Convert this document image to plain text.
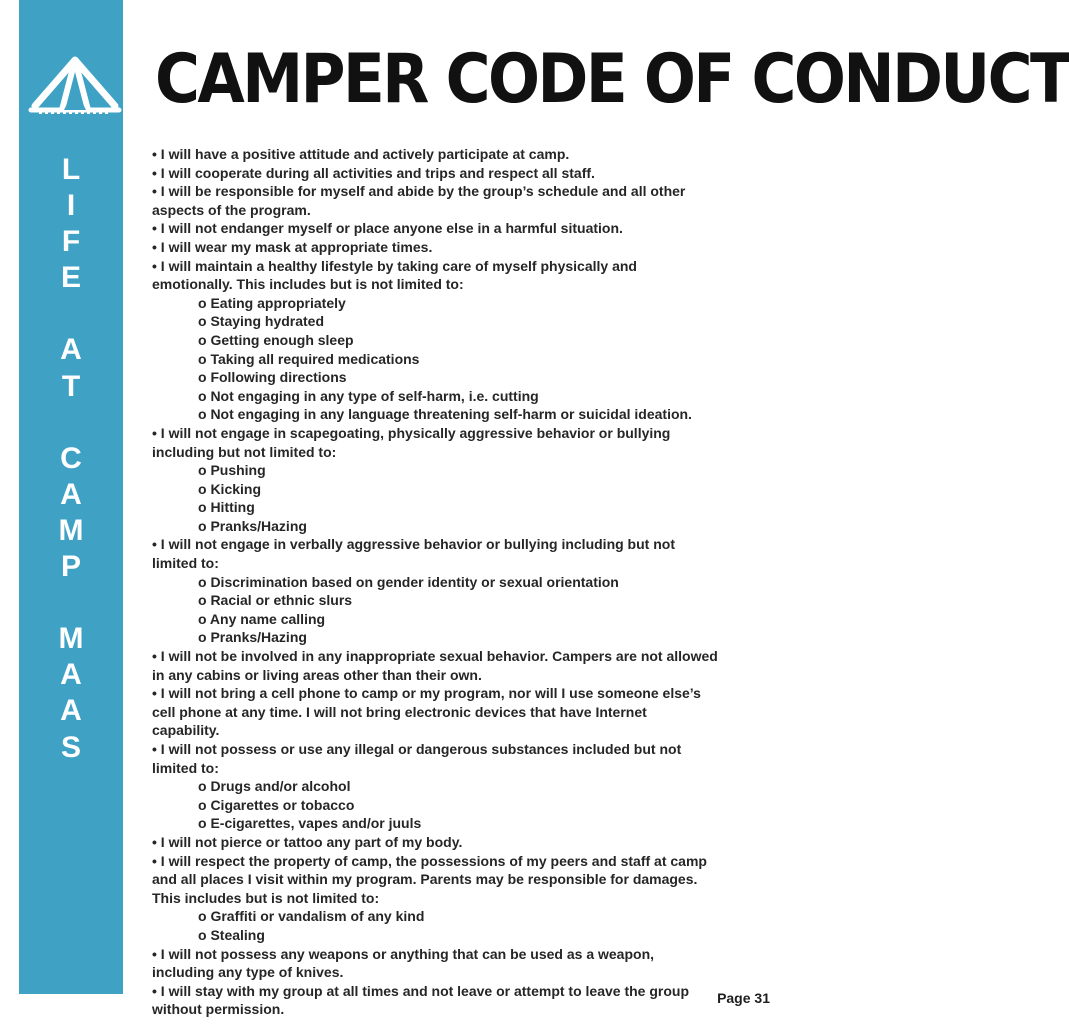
L
I
F
E
A
T
C
A
M
P
M
A
A
S
CAMPER CODE OF CONDUCT

• I will have a positive attitude and actively participate at camp.

• I will cooperate during all activities and trips and respect all staff.

• I will be responsible for myself and abide by the group’s schedule and all other

aspects of the program.

• I will not endanger myself or place anyone else in a harmful situation.

• I will wear my mask at appropriate times.

• I will maintain a healthy lifestyle by taking care of myself physically and

emotionally. This includes but is not limited to:

o Eating appropriately

o Staying hydrated

o Getting enough sleep

o Taking all required medications

o Following directions

o Not engaging in any type of self-harm, i.e. cutting

o Not engaging in any language threatening self-harm or suicidal ideation.

• I will not engage in scapegoating, physically aggressive behavior or bullying

including but not limited to:

o Pushing

o Kicking

o Hitting

o Pranks/Hazing

• I will not engage in verbally aggressive behavior or bullying including but not

limited to:

o Discrimination based on gender identity or sexual orientation

o Racial or ethnic slurs

o Any name calling

o Pranks/Hazing

• I will not be involved in any inappropriate sexual behavior. Campers are not allowed

in any cabins or living areas other than their own.

• I will not bring a cell phone to camp or my program, nor will I use someone else’s

cell phone at any time. I will not bring electronic devices that have Internet

capability.

• I will not possess or use any illegal or dangerous substances included but not

limited to:

o Drugs and/or alcohol

o Cigarettes or tobacco

o E-cigarettes, vapes and/or juuls

• I will not pierce or tattoo any part of my body.

• I will respect the property of camp, the possessions of my peers and staff at camp

and all places I visit within my program. Parents may be responsible for damages.

This includes but is not limited to:

o Graffiti or vandalism of any kind

o Stealing

• I will not possess any weapons or anything that can be used as a weapon,

including any type of knives.

• I will stay with my group at all times and not leave or attempt to leave the group

without permission.

Page 31
